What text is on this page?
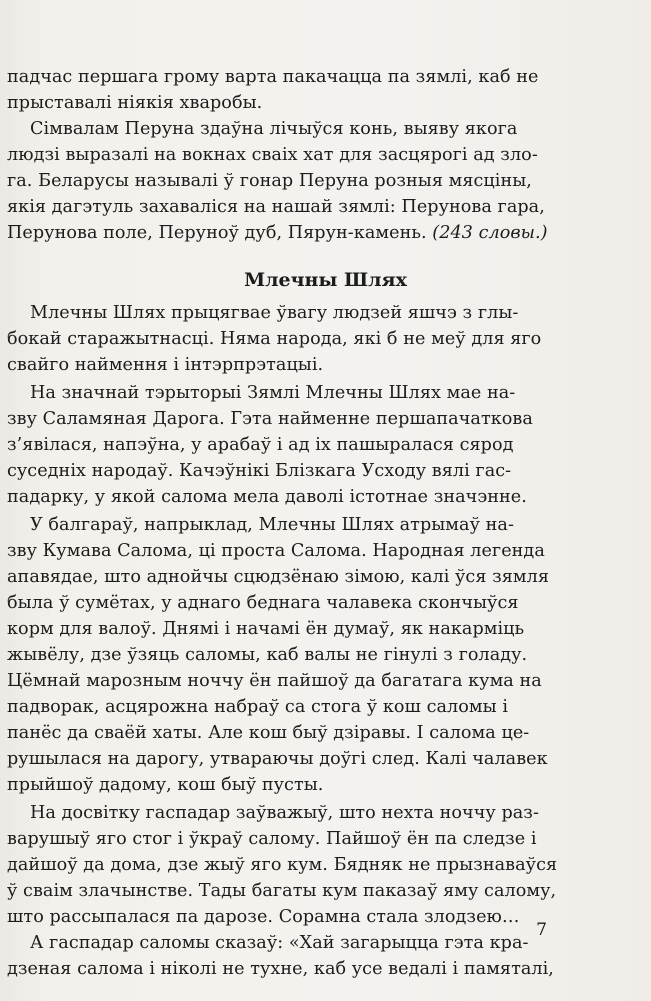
падчас першага грому варта пакачацца па зямлі, каб не
прыставалі ніякія хваробы.
Сімвалам Перуна здаўна лічыўся конь, выяву якога
людзі выразалі на вокнах сваіх хат для засцярогі ад зло-
га. Беларусы называлі ў гонар Перуна розныя мясціны,
якія дагэтуль захаваліся на нашай зямлі: Перунова гара,
Перунова поле, Перуноў дуб, Пярун-камень. (243 словы.)
Млечны Шлях
Млечны Шлях прыцягвае ўвагу людзей яшчэ з глы-
бокай старажытнасці. Няма народа, які б не меў для яго
свайго наймення і інтэрпрэтацыі.
На значнай тэрыторыі Зямлі Млечны Шлях мае на-
зву Саламяная Дарога. Гэта найменне першапачаткова
з’явілася, напэўна, у арабаў і ад іх пашыралася сярод
суседніх народаў. Качэўнікі Блізкага Усходу вялі гас-
падарку, у якой салома мела даволі істотнае значэнне.
У балгараў, напрыклад, Млечны Шлях атрымаў на-
зву Кумава Салома, ці проста Салома. Народная легенда
апавядае, што аднойчы сцюдзёнаю зімою, калі ўся зямля
была ў сумётах, у аднаго беднага чалавека скончыўся
корм для валоў. Днямі і начамі ён думаў, як накарміць
жывёлу, дзе ўзяць саломы, каб валы не гінулі з голаду.
Цёмнай марозным ноччу ён пайшоў да багатага кума на
падворак, асцярожна набраў са стога ў кош саломы і
панёс да сваёй хаты. Але кош быў дзіравы. І салома це-
рушылася на дарогу, утвараючы доўгі след. Калі чалавек
прыйшоў дадому, кош быў пусты.
На досвітку гаспадар заўважыў, што нехта ноччу раз-
варушыў яго стог і ўкраў салому. Пайшоў ён па следзе і
дайшоў да дома, дзе жыў яго кум. Бядняк не прызнаваўся
ў сваім злачынстве. Тады багаты кум паказаў яму салому,
што рассыпалася па дарозе. Сорамна стала злодзею…
А гаспадар саломы сказаў: «Хай загарыцца гэта кра-
дзеная салома і ніколі не тухне, каб усе ведалі і памяталі,
7
